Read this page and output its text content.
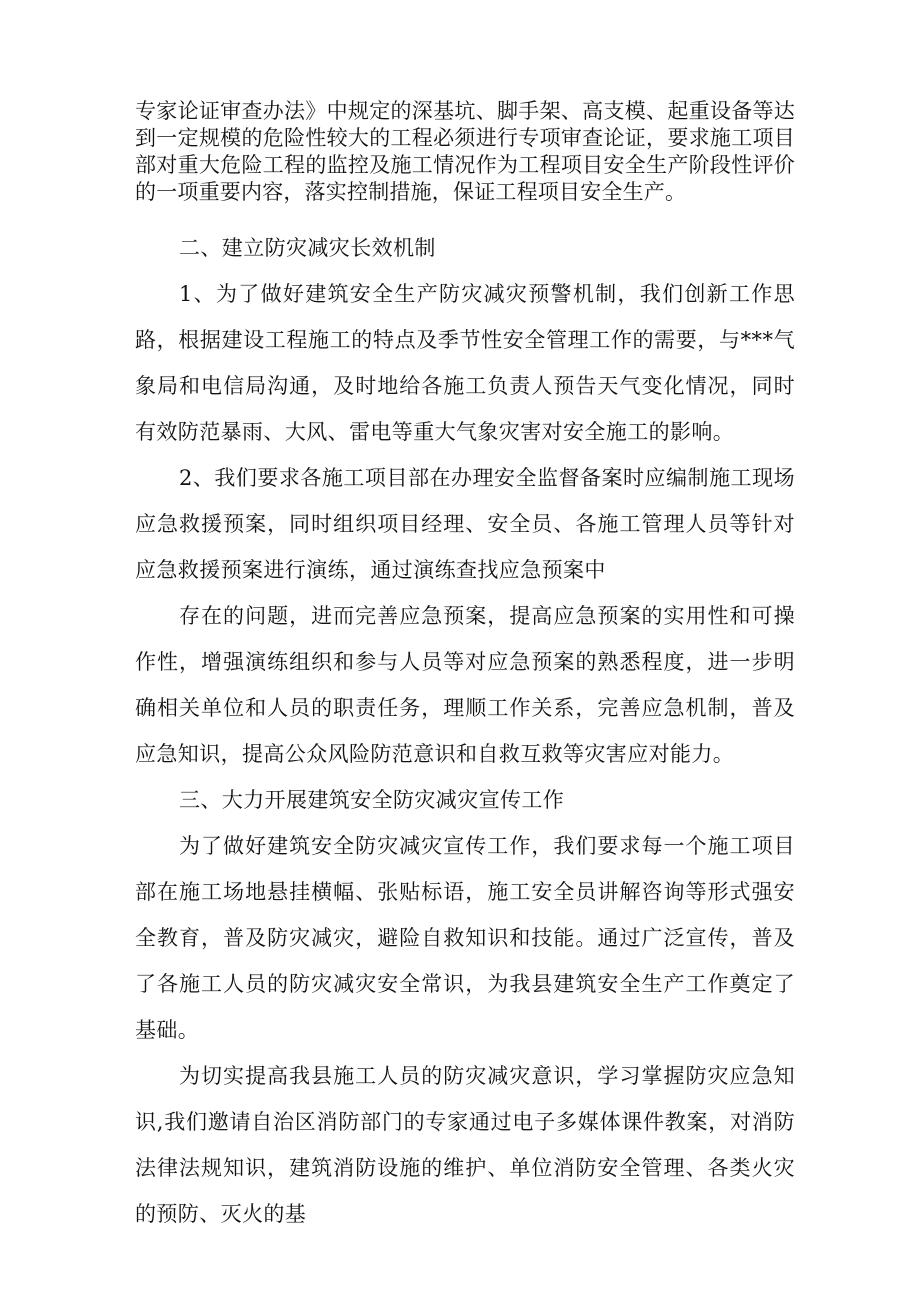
专家论证审查办法》中规定的深基坑、脚手架、高支模、起重设备等达到一定规模的危险性较大的工程必须进行专项审查论证，要求施工项目部对重大危险工程的监控及施工情况作为工程项目安全生产阶段性评价的一项重要内容，落实控制措施，保证工程项目安全生产。

二、建立防灾减灾长效机制

1、为了做好建筑安全生产防灾减灾预警机制，我们创新工作思路，根据建设工程施工的特点及季节性安全管理工作的需要，与***气象局和电信局沟通，及时地给各施工负责人预告天气变化情况，同时有效防范暴雨、大风、雷电等重大气象灾害对安全施工的影响。

2、我们要求各施工项目部在办理安全监督备案时应编制施工现场应急救援预案，同时组织项目经理、安全员、各施工管理人员等针对应急救援预案进行演练，通过演练查找应急预案中

存在的问题，进而完善应急预案，提高应急预案的实用性和可操作性，增强演练组织和参与人员等对应急预案的熟悉程度，进一步明确相关单位和人员的职责任务，理顺工作关系，完善应急机制，普及应急知识，提高公众风险防范意识和自救互救等灾害应对能力。

三、大力开展建筑安全防灾减灾宣传工作

为了做好建筑安全防灾减灾宣传工作，我们要求每一个施工项目部在施工场地悬挂横幅、张贴标语，施工安全员讲解咨询等形式强安全教育，普及防灾减灾，避险自救知识和技能。通过广泛宣传，普及了各施工人员的防灾减灾安全常识，为我县建筑安全生产工作奠定了基础。

为切实提高我县施工人员的防灾减灾意识，学习掌握防灾应急知识,我们邀请自治区消防部门的专家通过电子多媒体课件教案，对消防法律法规知识，建筑消防设施的维护、单位消防安全管理、各类火灾的预防、灭火的基
